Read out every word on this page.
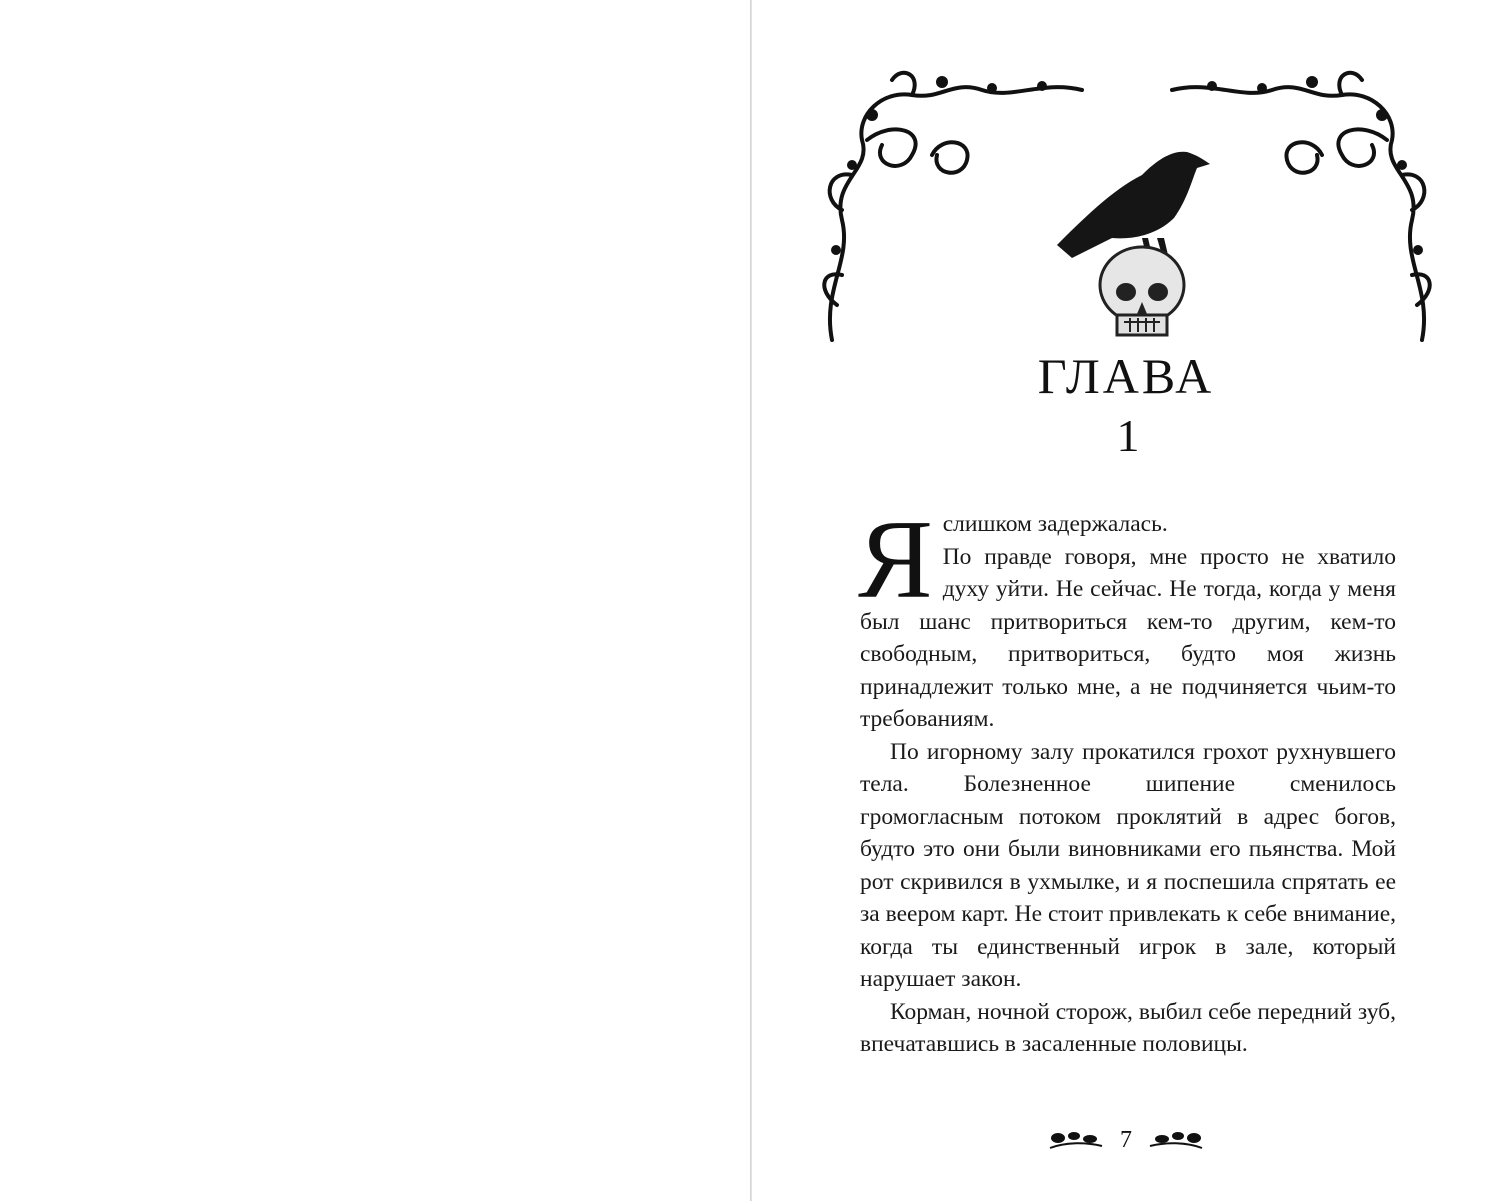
ГЛАВА
1

Яслишком задержалась.

По правде говоря, мне просто не хватило духу уйти. Не сейчас. Не тогда, когда у меня был шанс притвориться кем-то другим, кем-то свободным, притвориться, будто моя жизнь принадлежит только мне, а не подчиняется чьим-то требованиям.

По игорному залу прокатился грохот рухнувшего тела. Болезненное шипение сменилось громогласным потоком проклятий в адрес богов, будто это они были виновниками его пьянства. Мой рот скривился в ухмылке, и я поспешила спрятать ее за веером карт. Не стоит привлекать к себе внимание, когда ты единственный игрок в зале, который нарушает закон.

Корман, ночной сторож, выбил себе передний зуб, впечатавшись в засаленные половицы.

7
